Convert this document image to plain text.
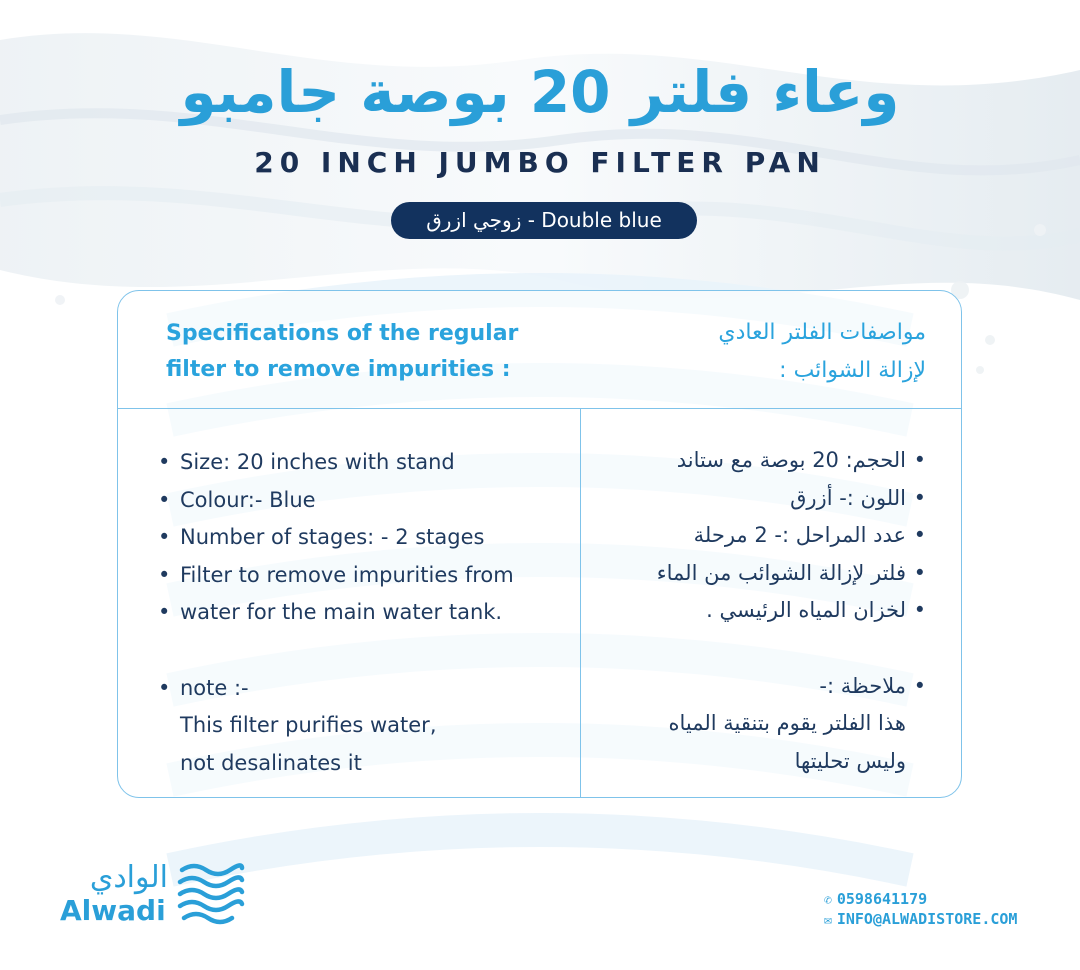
وعاء فلتر 20 بوصة جامبو
20 INCH JUMBO FILTER PAN
زوجي ازرق - Double blue
Specifications of the regular
filter to remove impurities :
مواصفات الفلتر العادي
لإزالة الشوائب :
• Size: 20 inches with stand
• Colour:- Blue
• Number of stages: - 2 stages
• Filter to remove impurities from
• water for the main water tank.
• note :-
This filter purifies water,
not desalinates it
•
الحجم: 20 بوصة مع ستاند
•
اللون :- أزرق
•
عدد المراحل :- 2 مرحلة
•
فلتر لإزالة الشوائب من الماء
•
لخزان المياه الرئيسي .
•
ملاحظة :-
هذا الفلتر يقوم بتنقية المياه
وليس تحليتها
الوادي
Alwadi	✆ 0598641179
✉ INFO@ALWADISTORE.COM
